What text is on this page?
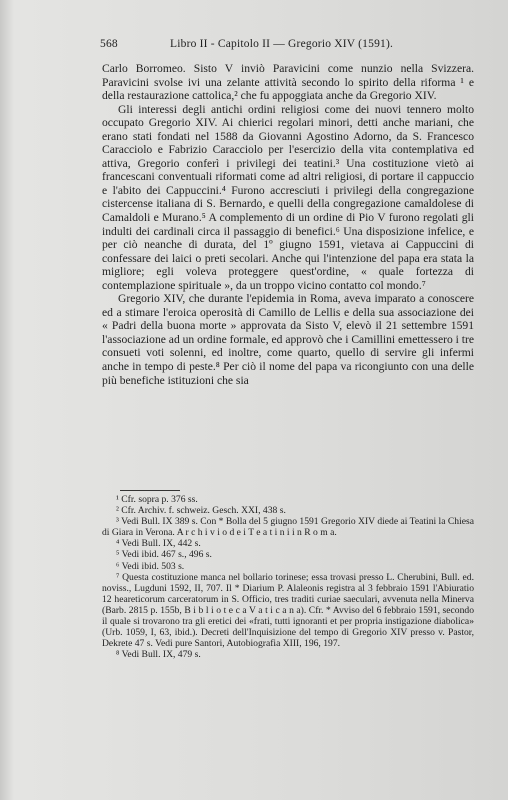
568	Libro II - Capitolo II — Gregorio XIV (1591).

Carlo Borromeo. Sisto V inviò Paravicini come nunzio nella Svizzera. Paravicini svolse ivi una zelante attività secondo lo spirito della riforma ¹ e della restaurazione cattolica,² che fu appoggiata anche da Gregorio XIV.

Gli interessi degli antichi ordini religiosi come dei nuovi tennero molto occupato Gregorio XIV. Ai chierici regolari minori, detti anche mariani, che erano stati fondati nel 1588 da Giovanni Agostino Adorno, da S. Francesco Caracciolo e Fabrizio Caracciolo per l'esercizio della vita contemplativa ed attiva, Gregorio conferì i privilegi dei teatini.³ Una costituzione vietò ai francescani conventuali riformati come ad altri religiosi, di portare il cappuccio e l'abito dei Cappuccini.⁴ Furono accresciuti i privilegi della congregazione cistercense italiana di S. Bernardo, e quelli della congregazione camaldolese di Camaldoli e Murano.⁵ A complemento di un ordine di Pio V furono regolati gli indulti dei cardinali circa il passaggio di benefici.⁶ Una disposizione infelice, e per ciò neanche di durata, del 1º giugno 1591, vietava ai Cappuccini di confessare dei laici o preti secolari. Anche qui l'intenzione del papa era stata la migliore; egli voleva proteggere quest'ordine, « quale fortezza di contemplazione spirituale », da un troppo vicino contatto col mondo.⁷

Gregorio XIV, che durante l'epidemia in Roma, aveva imparato a conoscere ed a stimare l'eroica operosità di Camillo de Lellis e della sua associazione dei « Padri della buona morte » approvata da Sisto V, elevò il 21 settembre 1591 l'associazione ad un ordine formale, ed approvò che i Camillini emettessero i tre consueti voti solenni, ed inoltre, come quarto, quello di servire gli infermi anche in tempo di peste.⁸ Per ciò il nome del papa va ricongiunto con una delle più benefiche istituzioni che sia

¹ Cfr. sopra p. 376 ss.

² Cfr. Archiv. f. schweiz. Gesch. XXI, 438 s.

³ Vedi Bull. IX 389 s. Con * Bolla del 5 giugno 1591 Gregorio XIV diede ai Teatini la Chiesa di Giara in Verona. A r c h i v i o d e i T e a t i n i i n R o m a.

⁴ Vedi Bull. IX, 442 s.

⁵ Vedi ibid. 467 s., 496 s.

⁶ Vedi ibid. 503 s.

⁷ Questa costituzione manca nel bollario torinese; essa trovasi presso L. Cherubini, Bull. ed. noviss., Lugduni 1592, II, 707. Il * Diarium P. Alaleonis registra al 3 febbraio 1591 l'Abiuratio 12 heareticorum carceratorum in S. Officio, tres traditi curiae saeculari, avvenuta nella Minerva (Barb. 2815 p. 155b, B i b l i o t e c a V a t i c a n a). Cfr. * Avviso del 6 febbraio 1591, secondo il quale si trovarono tra gli eretici dei «frati, tutti ignoranti et per propria instigazione diabolica» (Urb. 1059, I, 63, ibid.). Decreti dell'Inquisizione del tempo di Gregorio XIV presso v. Pastor, Dekrete 47 s. Vedi pure Santori, Autobiografia XIII, 196, 197.

⁸ Vedi Bull. IX, 479 s.
